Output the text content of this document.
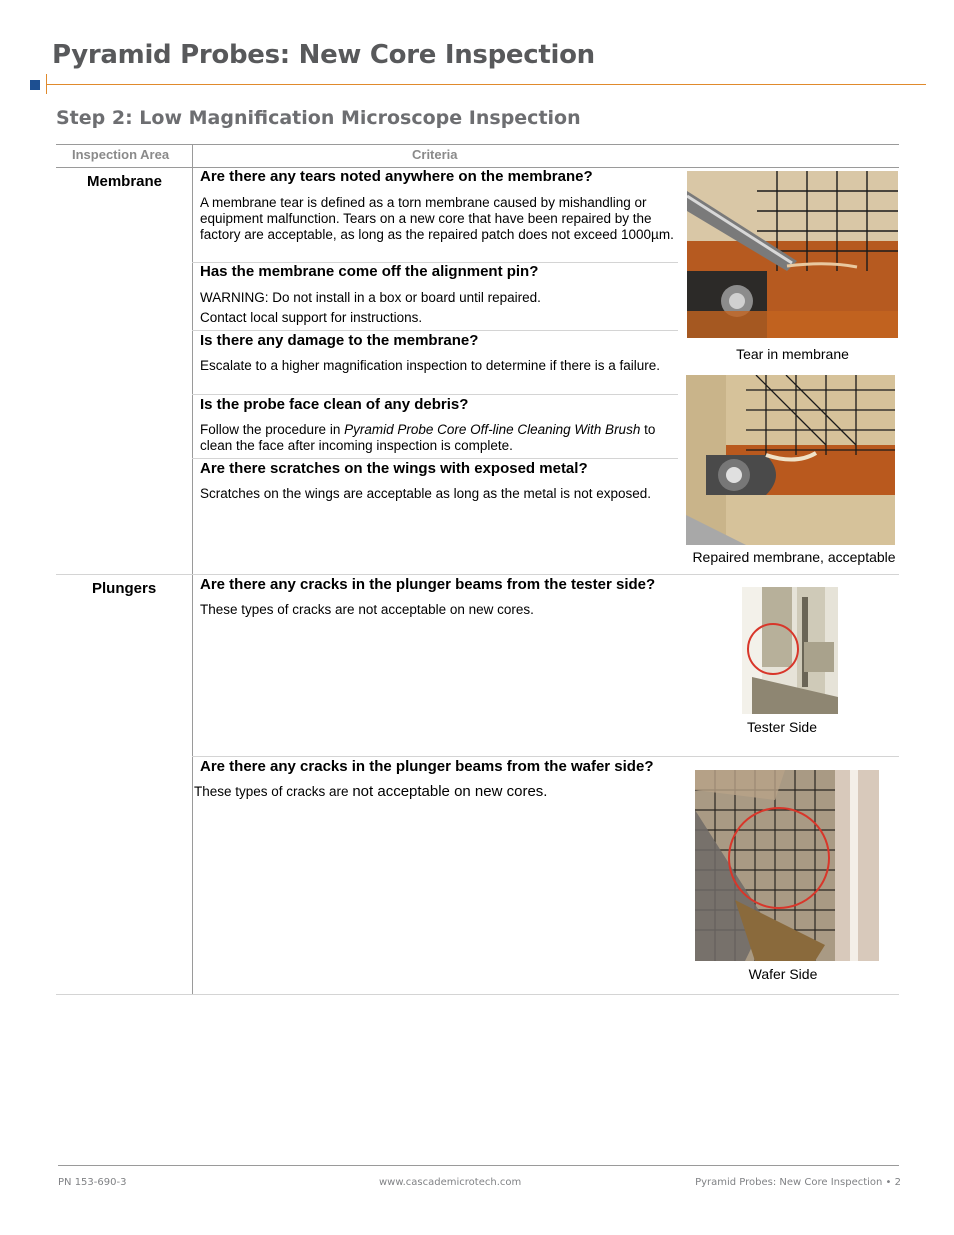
Pyramid Probes: New Core Inspection
Step 2: Low Magnification Microscope Inspection
Inspection Area	Criteria
Membrane	Are there any tears noted anywhere on the membrane?

A membrane tear is defined as a torn membrane caused by mishandling or equipment malfunction. Tears on a new core that have been repaired by the factory are acceptable, as long as the repaired patch does not exceed 1000µm.

Has the membrane come off the alignment pin?

WARNING: Do not install in a box or board until repaired.

Contact local support for instructions.

Is there any damage to the membrane?

Escalate to a higher magnification inspection to determine if there is a failure.

Is the probe face clean of any debris?

Follow the procedure in Pyramid Probe Core Off-line Cleaning With Brush to clean the face after incoming inspection is complete.

Are there scratches on the wings with exposed metal?

Scratches on the wings are acceptable as long as the metal is not exposed.

Tear in membrane
Repaired membrane, acceptable
Plungers	Are there any cracks in the plunger beams from the tester side?

These types of cracks are not acceptable on new cores.

Tester Side

Are there any cracks in the plunger beams from the wafer side?

These types of cracks are not acceptable on new cores.

Wafer Side
PN 153-690-3	www.cascademicrotech.com	Pyramid Probes: New Core Inspection • 2
